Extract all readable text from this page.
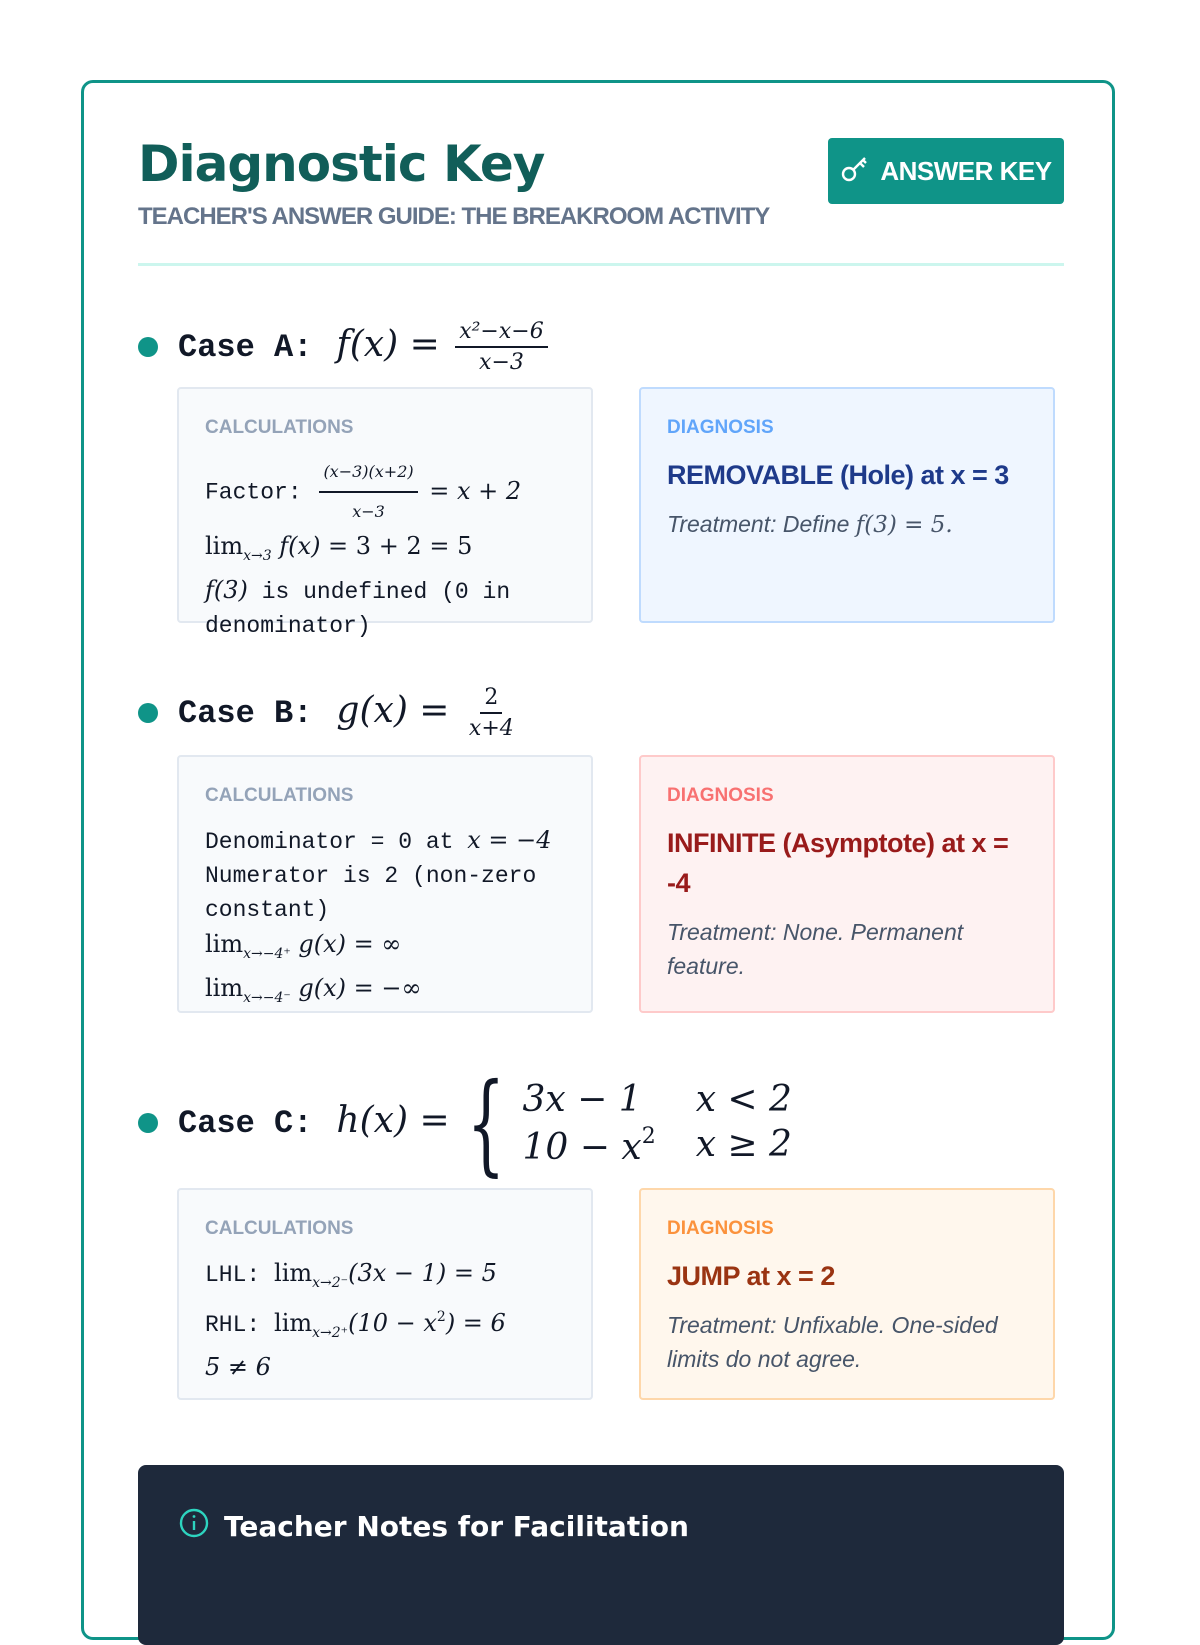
Diagnostic Key
TEACHER'S ANSWER GUIDE: THE BREAKROOM ACTIVITY
ANSWER KEY
Case A: $f(x) = \frac{\text{x²−x−6}}{x-3}$
CALCULATIONS
Factor: $\frac{(x-3)(x+2)}{x-3} = x + 2$
$\lim_{x\to 3} f(x) = 3 + 2 = 5$
f(3) is undefined (0 in denominator)
DIAGNOSIS
REMOVABLE (Hole) at x = 3
Treatment: Define f(3) = 5.
Case B: $g(x) = \frac{2}{x+4}$
CALCULATIONS
Denominator = 0 at x = −4
Numerator is 2 (non-zero constant)
$\lim_{x\to-4^+} g(x)$ = ∞
$\lim_{x\to-4^-} g(x)$ = −∞
DIAGNOSIS
INFINITE (Asymptote) at x = -4
Treatment: None. Permanent feature.
Case C: h(x) = { 3x − 1	x < 2
$10 - x^2$ x ≥ 2
CALCULATIONS
LHL: $\lim_{x\to 2^-}(3x - 1) = 5$
RHL: $\lim_{x\to 2^+}(10 - x^2) = 6$
5 ≠ 6
DIAGNOSIS
JUMP at x = 2
Treatment: Unfixable. One-sided limits do not agree.
Teacher Notes for Facilitation
